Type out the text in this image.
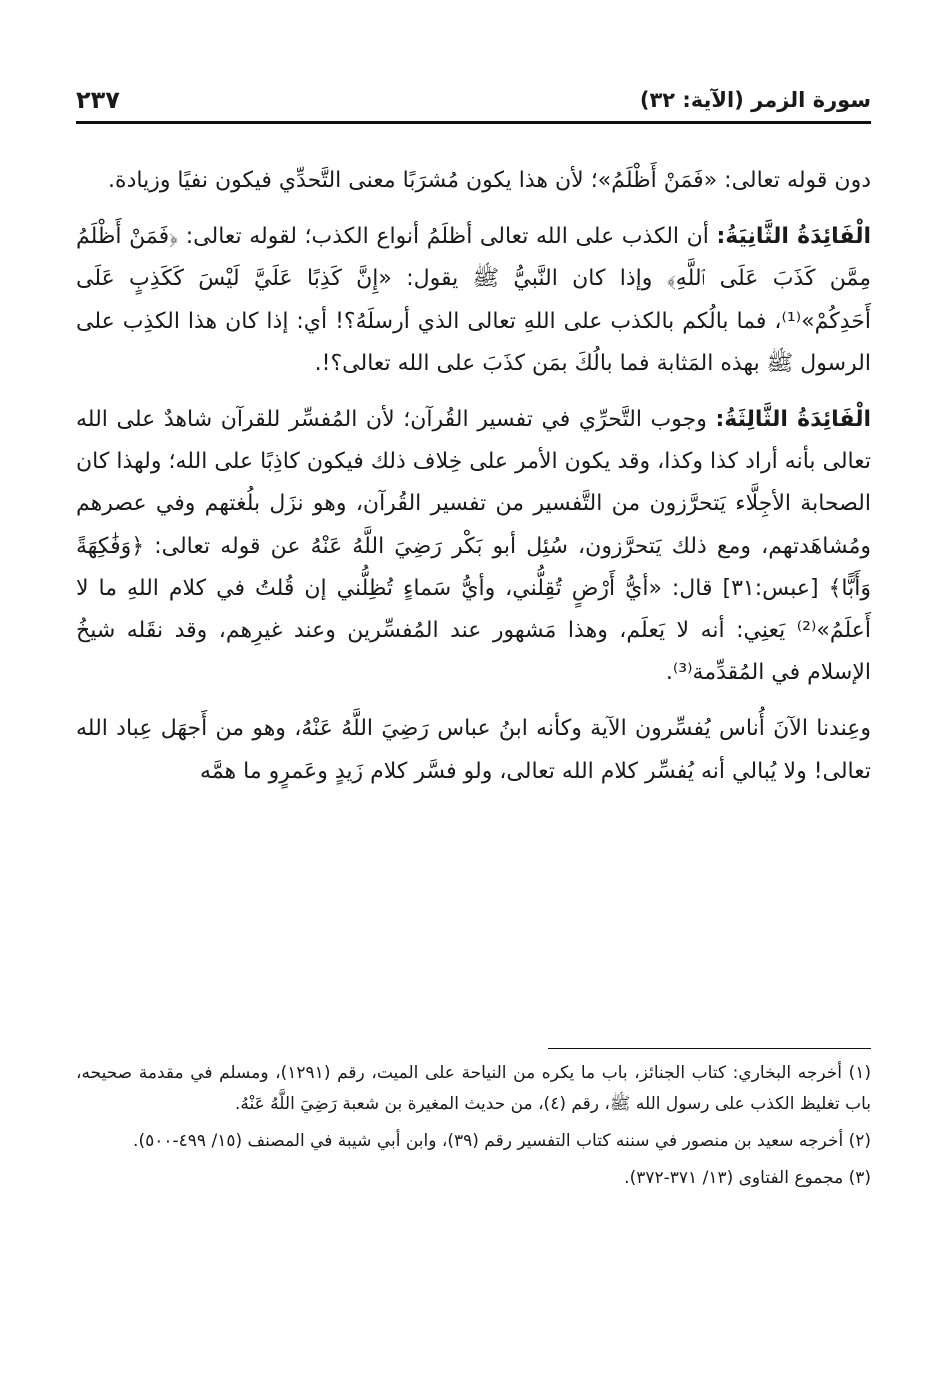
سورة الزمر (الآية: ٣٢)
٢٣٧

دون قوله تعالى: «فَمَنْ أَظْلَمُ»؛ لأن هذا يكون مُشرَبًا معنى التَّحدِّي فيكون نفيًا وزيادة.

الْفَائِدَةُ الثَّانِيَةُ: أن الكذب على الله تعالى أظلَمُ أنواع الكذب؛ لقوله تعالى: ﴿فَمَنْ أَظْلَمُ مِمَّن كَذَبَ عَلَى ٱللَّهِ﴾ وإذا كان النَّبيُّ ﷺ يقول: «إِنَّ كَذِبًا عَلَيَّ لَيْسَ كَكَذِبٍ عَلَى أَحَدِكُمْ»⁽¹⁾، فما بالُكم بالكذب على اللهِ تعالى الذي أرسلَهُ؟! أي: إذا كان هذا الكذِب على الرسول ﷺ بهذه المَثابة فما بالُكَ بمَن كذَبَ على الله تعالى؟!.

الْفَائِدَةُ الثَّالِثَةُ: وجوب التَّحرِّي في تفسير القُرآن؛ لأن المُفسِّر للقرآن شاهدٌ على الله تعالى بأنه أراد كذا وكذا، وقد يكون الأمر على خِلاف ذلك فيكون كاذِبًا على الله؛ ولهذا كان الصحابة الأجِلَّاء يَتحرَّزون من التَّفسير من تفسير القُرآن، وهو نزَل بلُغتهم وفي عصرهم ومُشاهَدتهم، ومع ذلك يَتحرَّزون، سُئِل أبو بَكْر رَضِيَ اللَّهُ عَنْهُ عن قوله تعالى: ﴿وَفَٰكِهَةً وَأَبًّا﴾ [عبس:٣١] قال: «أيُّ أَرْضٍ تُقِلُّني، وأيُّ سَماءٍ تُظِلُّني إن قُلتُ في كلام اللهِ ما لا أَعلَمُ»⁽²⁾ يَعنِي: أنه لا يَعلَم، وهذا مَشهور عند المُفسِّرين وعند غيرِهم، وقد نقَله شيخُ الإسلام في المُقدِّمة⁽³⁾.

وعِندنا الآنَ أُناس يُفسِّرون الآية وكأنه ابنُ عباس رَضِيَ اللَّهُ عَنْهُ، وهو من أَجهَل عِباد الله تعالى! ولا يُبالي أنه يُفسِّر كلام الله تعالى، ولو فسَّر كلام زَيدٍ وعَمرٍو ما همَّه

(١) أخرجه البخاري: كتاب الجنائز، باب ما يكره من النياحة على الميت، رقم (١٢٩١)، ومسلم في مقدمة صحيحه، باب تغليظ الكذب على رسول الله ﷺ، رقم (٤)، من حديث المغيرة بن شعبة رَضِيَ اللَّهُ عَنْهُ.

(٢) أخرجه سعيد بن منصور في سننه كتاب التفسير رقم (٣٩)، وابن أبي شيبة في المصنف (١٥/ ٤٩٩-٥٠٠).

(٣) مجموع الفتاوى (١٣/ ٣٧١-٣٧٢).
